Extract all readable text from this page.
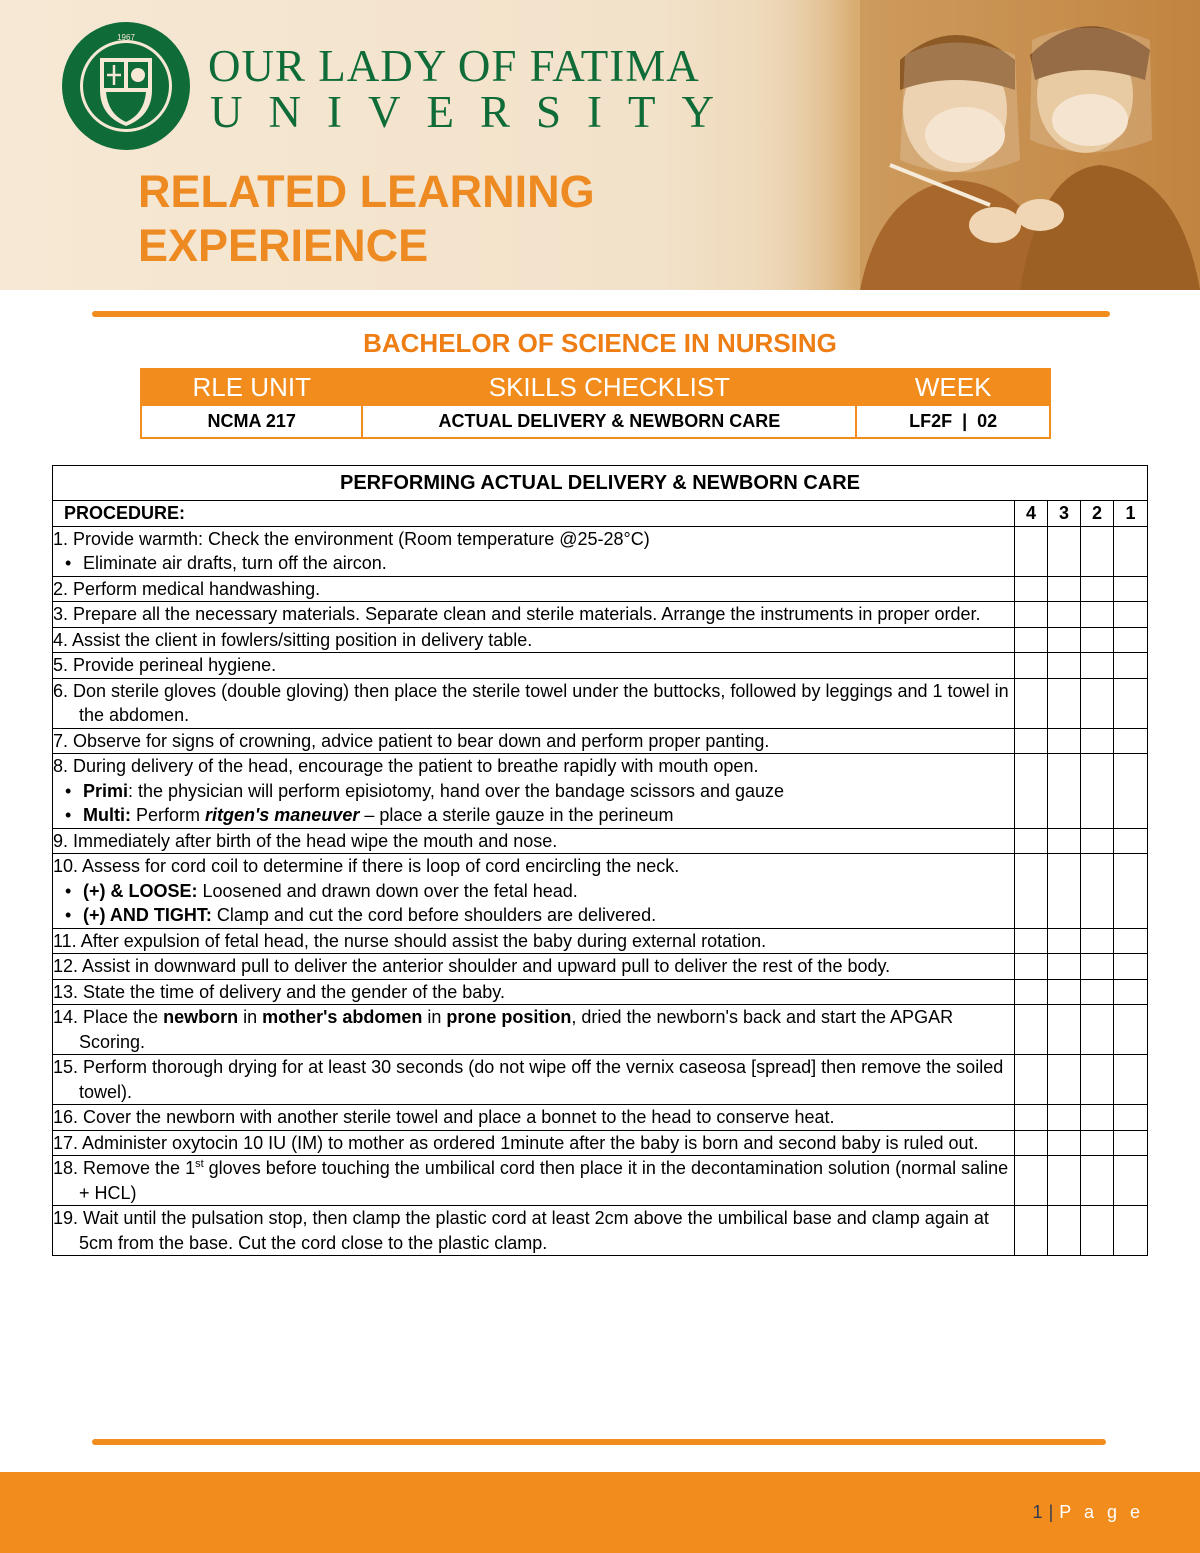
1967
OUR LADY OF FATIMA
UNIVERSITY
RELATED LEARNING
EXPERIENCE
BACHELOR OF SCIENCE IN NURSING
RLE UNIT	SKILLS CHECKLIST	WEEK
NCMA 217	ACTUAL DELIVERY & NEWBORN CARE	LF2F  |  02
PERFORMING ACTUAL DELIVERY & NEWBORN CARE				
PROCEDURE:	4	3	2	1

1. Provide warmth: Check the environment (Room temperature @25-28°C)
• Eliminate air drafts, turn off the aircon.

2. Perform medical handwashing.				

3. Prepare all the necessary materials. Separate clean and sterile materials. Arrange the instruments in proper order.				

4. Assist the client in fowlers/sitting position in delivery table.				

5. Provide perineal hygiene.				

6. Don sterile gloves (double gloving) then place the sterile towel under the buttocks, followed by leggings and 1 towel in the abdomen.				

7. Observe for signs of crowning, advice patient to bear down and perform proper panting.				

8. During delivery of the head, encourage the patient to breathe rapidly with mouth open.
• Primi: the physician will perform episiotomy, hand over the bandage scissors and gauze
• Multi: Perform ritgen's maneuver – place a sterile gauze in the perineum

9. Immediately after birth of the head wipe the mouth and nose.				

10. Assess for cord coil to determine if there is loop of cord encircling the neck.
• (+) & LOOSE: Loosened and drawn down over the fetal head.
• (+) AND TIGHT: Clamp and cut the cord before shoulders are delivered.

11. After expulsion of fetal head, the nurse should assist the baby during external rotation.				

12. Assist in downward pull to deliver the anterior shoulder and upward pull to deliver the rest of the body.				

13. State the time of delivery and the gender of the baby.				

14. Place the newborn in mother's abdomen in prone position, dried the newborn's back and start the APGAR Scoring.				

15. Perform thorough drying for at least 30 seconds (do not wipe off the vernix caseosa [spread] then remove the soiled towel).				

16. Cover the newborn with another sterile towel and place a bonnet to the head to conserve heat.				

17. Administer oxytocin 10 IU (IM) to mother as ordered 1minute after the baby is born and second baby is ruled out.				

18. Remove the 1st gloves before touching the umbilical cord then place it in the decontamination solution (normal saline + HCL)				

19. Wait until the pulsation stop, then clamp the plastic cord at least 2cm above the umbilical base and clamp again at 5cm from the base. Cut the cord close to the plastic clamp.				

1 | P a g e
